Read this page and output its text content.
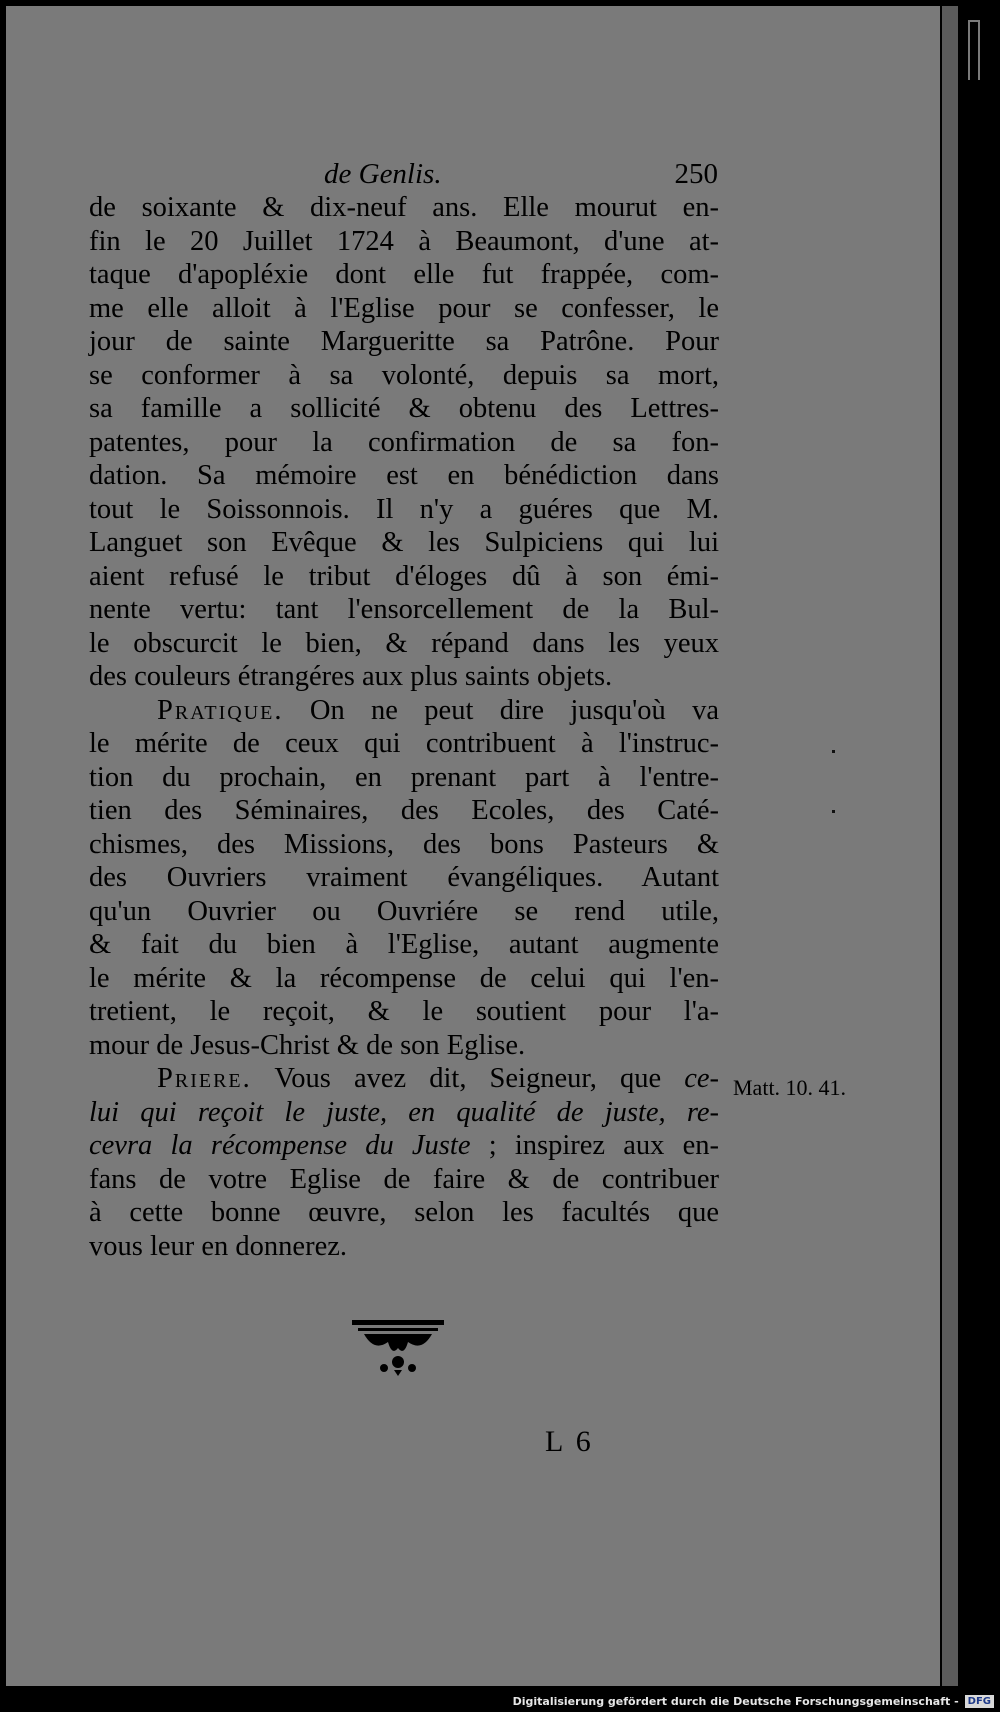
de Genlis.	250
de soixante & dix-neuf ans. Elle mourut en-
fin le 20 Juillet 1724 à Beaumont, d'une at-
taque d'apopléxie dont elle fut frappée, com-
me elle alloit à l'Eglise pour se confesser, le
jour de sainte Margueritte sa Patrône. Pour
se conformer à sa volonté, depuis sa mort,
sa famille a sollicité & obtenu des Lettres-
patentes, pour la confirmation de sa fon-
dation. Sa mémoire est en bénédiction dans
tout le Soissonnois. Il n'y a guéres que M.
Languet son Evêque & les Sulpiciens qui lui
aient refusé le tribut d'éloges dû à son émi-
nente vertu: tant l'ensorcellement de la Bul-
le obscurcit le bien, & répand dans les yeux
des couleurs étrangéres aux plus saints objets.
Pratique. On ne peut dire jusqu'où va
le mérite de ceux qui contribuent à l'instruc-
tion du prochain, en prenant part à l'entre-
tien des Séminaires, des Ecoles, des Caté-
chismes, des Missions, des bons Pasteurs &
des Ouvriers vraiment évangéliques. Autant
qu'un Ouvrier ou Ouvriére se rend utile,
& fait du bien à l'Eglise, autant augmente
le mérite & la récompense de celui qui l'en-
tretient, le reçoit, & le soutient pour l'a-
mour de Jesus-Christ & de son Eglise.
Priere. Vous avez dit, Seigneur, que ce-
lui qui reçoit le juste, en qualité de juste, re-
cevra la récompense du Juste ; inspirez aux en-
fans de votre Eglise de faire & de contribuer
à cette bonne œuvre, selon les facultés que
vous leur en donnerez.
Matt. 10. 41.
L 6
Digitalisierung gefördert durch die Deutsche Forschungsgemeinschaft - DFG
